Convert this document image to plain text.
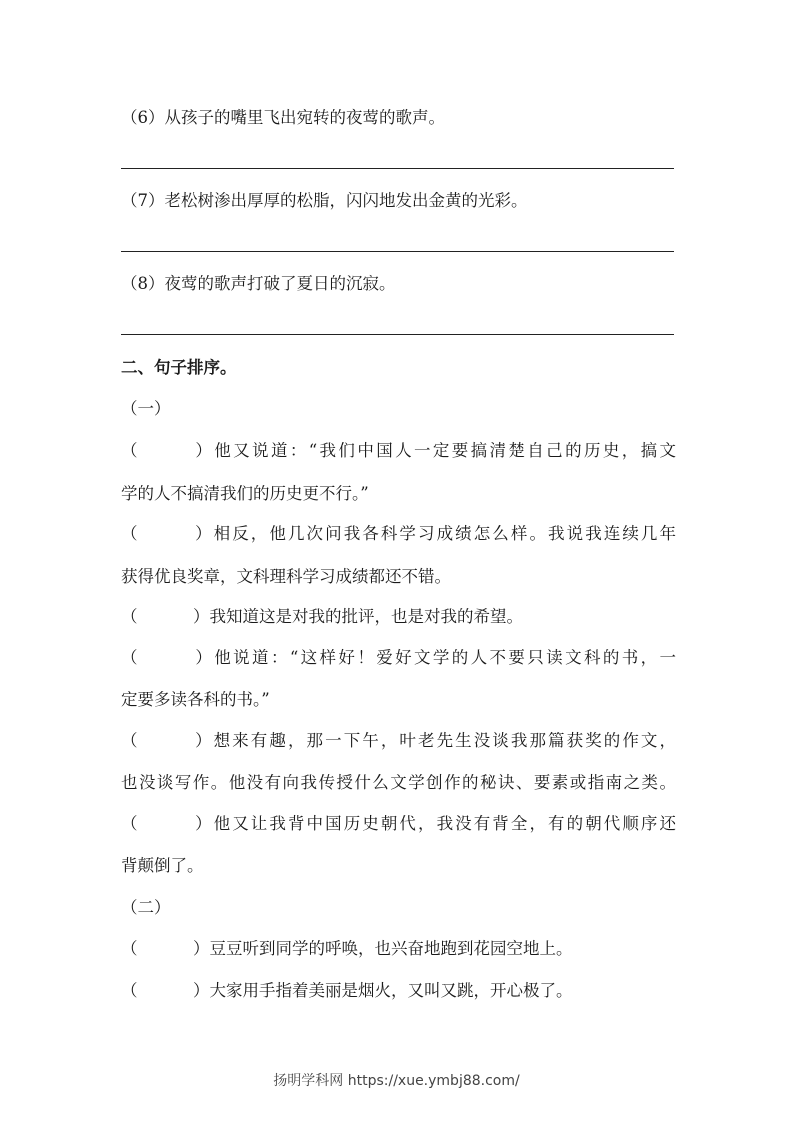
（6）从孩子的嘴里飞出宛转的夜莺的歌声。
（7）老松树渗出厚厚的松脂，闪闪地发出金黄的光彩。
（8）夜莺的歌声打破了夏日的沉寂。
二、句子排序。
（一）
（	）他又说道：“我们中国人一定要搞清楚自己的历史，搞文
学的人不搞清我们的历史更不行。”
（	）相反，他几次问我各科学习成绩怎么样。我说我连续几年
获得优良奖章，文科理科学习成绩都还不错。
（	）我知道这是对我的批评，也是对我的希望。
（	）他说道：“这样好！爱好文学的人不要只读文科的书，一
定要多读各科的书。”
（	）想来有趣，那一下午，叶老先生没谈我那篇获奖的作文，
也没谈写作。他没有向我传授什么文学创作的秘诀、要素或指南之类。
（	）他又让我背中国历史朝代，我没有背全，有的朝代顺序还
背颠倒了。
（二）
（	）豆豆听到同学的呼唤，也兴奋地跑到花园空地上。
（	）大家用手指着美丽是烟火，又叫又跳，开心极了。
扬明学科网 https://xue.ymbj88.com/
